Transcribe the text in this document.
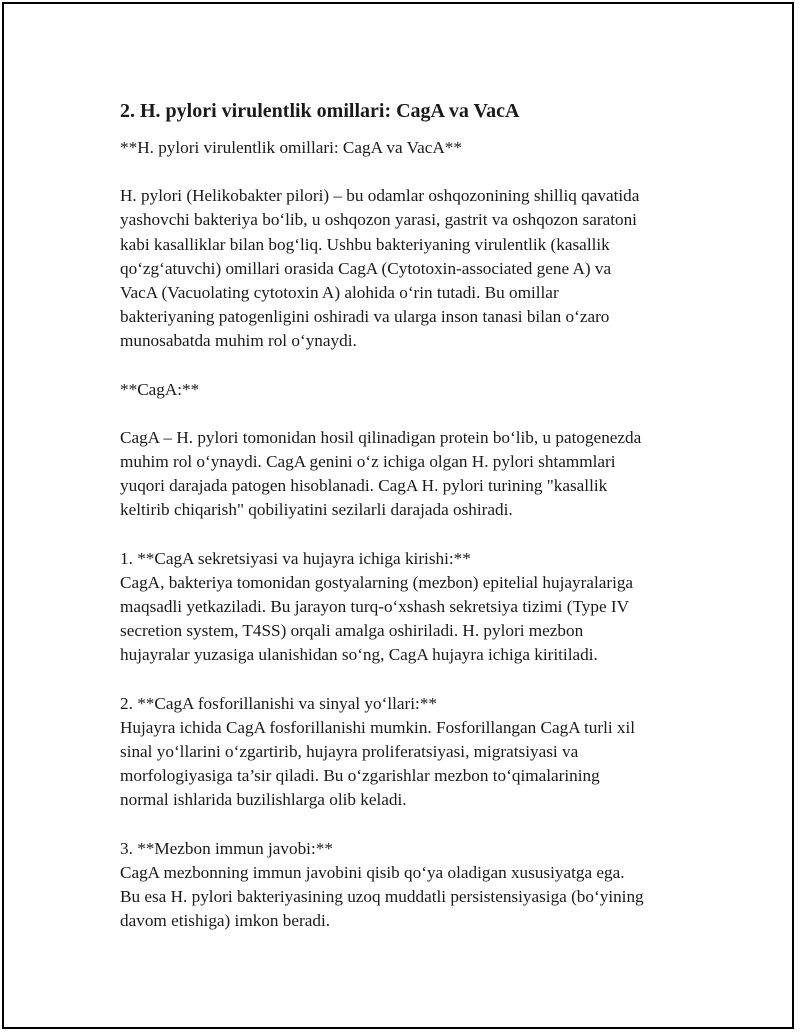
2. H. pylori virulentlik omillari: CagA va VacA

**H. pylori virulentlik omillari: CagA va VacA**

H. pylori (Helikobakter pilori) – bu odamlar oshqozonining shilliq qavatida
yashovchi bakteriya bo‘lib, u oshqozon yarasi, gastrit va oshqozon saratoni
kabi kasalliklar bilan bog‘liq. Ushbu bakteriyaning virulentlik (kasallik
qo‘zg‘atuvchi) omillari orasida CagA (Cytotoxin-associated gene A) va
VacA (Vacuolating cytotoxin A) alohida o‘rin tutadi. Bu omillar
bakteriyaning patogenligini oshiradi va ularga inson tanasi bilan o‘zaro
munosabatda muhim rol o‘ynaydi.

**CagA:**

CagA – H. pylori tomonidan hosil qilinadigan protein bo‘lib, u patogenezda
muhim rol o‘ynaydi. CagA genini o‘z ichiga olgan H. pylori shtammlari
yuqori darajada patogen hisoblanadi. CagA H. pylori turining "kasallik
keltirib chiqarish" qobiliyatini sezilarli darajada oshiradi.

1. **CagA sekretsiyasi va hujayra ichiga kirishi:**
CagA, bakteriya tomonidan gostyalarning (mezbon) epitelial hujayralariga
maqsadli yetkaziladi. Bu jarayon turq-o‘xshash sekretsiya tizimi (Type IV
secretion system, T4SS) orqali amalga oshiriladi. H. pylori mezbon
hujayralar yuzasiga ulanishidan so‘ng, CagA hujayra ichiga kiritiladi.

2. **CagA fosforillanishi va sinyal yo‘llari:**
Hujayra ichida CagA fosforillanishi mumkin. Fosforillangan CagA turli xil
sinal yo‘llarini o‘zgartirib, hujayra proliferatsiyasi, migratsiyasi va
morfologiyasiga ta’sir qiladi. Bu o‘zgarishlar mezbon to‘qimalarining
normal ishlarida buzilishlarga olib keladi.

3. **Mezbon immun javobi:**
CagA mezbonning immun javobini qisib qo‘ya oladigan xususiyatga ega.
Bu esa H. pylori bakteriyasining uzoq muddatli persistensiyasiga (bo‘yining
davom etishiga) imkon beradi.
